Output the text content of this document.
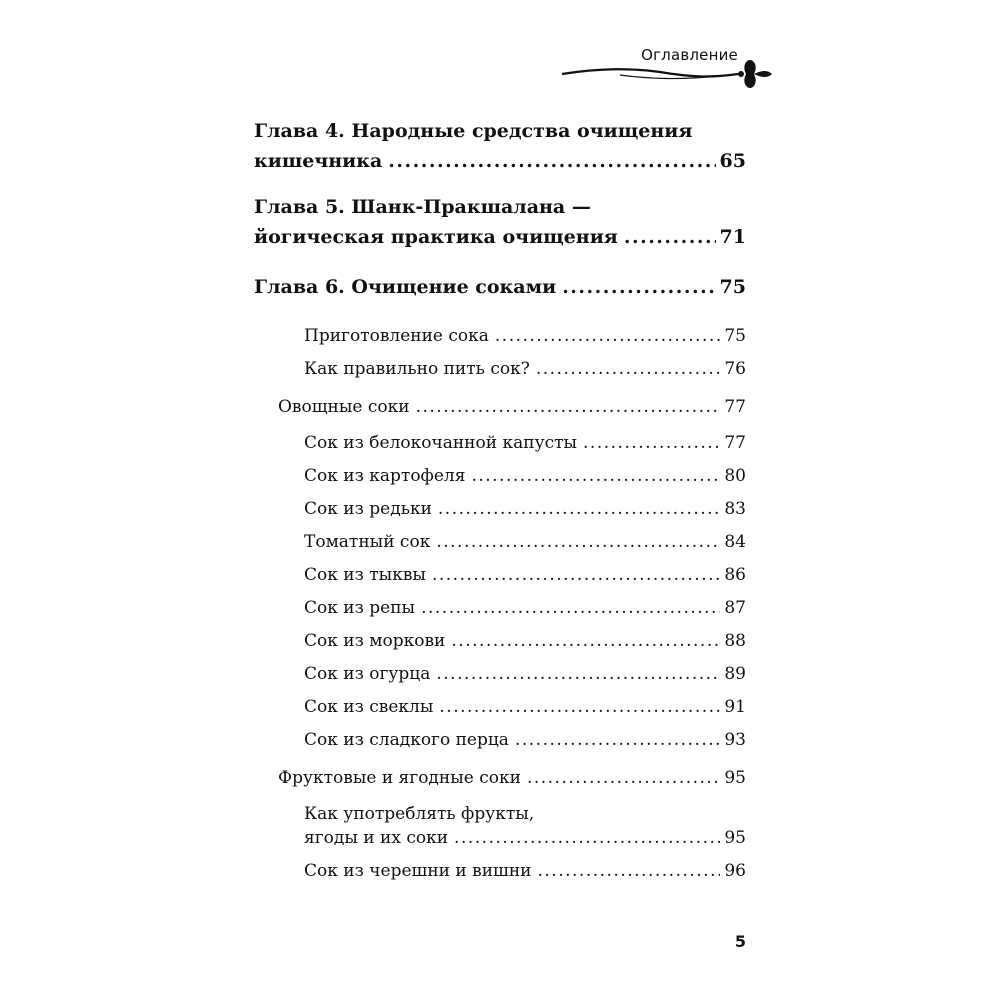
Оглавление
Глава 4. Народные средства очищения
кишечника .....	65
Глава 5. Шанк-Пракшалана —
йогическая практика очищения .....	71
Глава 6. Очищение соками .....	75
Приготовление сока .....	75
Как правильно пить сок? .....	76
Овощные соки .....	77
Сок из белокочанной капусты .....	77
Сок из картофеля .....	80
Сок из редьки .....	83
Томатный сок .....	84
Сок из тыквы .....	86
Сок из репы .....	87
Сок из моркови .....	88
Сок из огурца .....	89
Сок из свеклы .....	91
Сок из сладкого перца .....	93
Фруктовые и ягодные соки .....	95
Как употреблять фрукты,
ягоды и их соки .....	95
Сок из черешни и вишни .....	96
5
